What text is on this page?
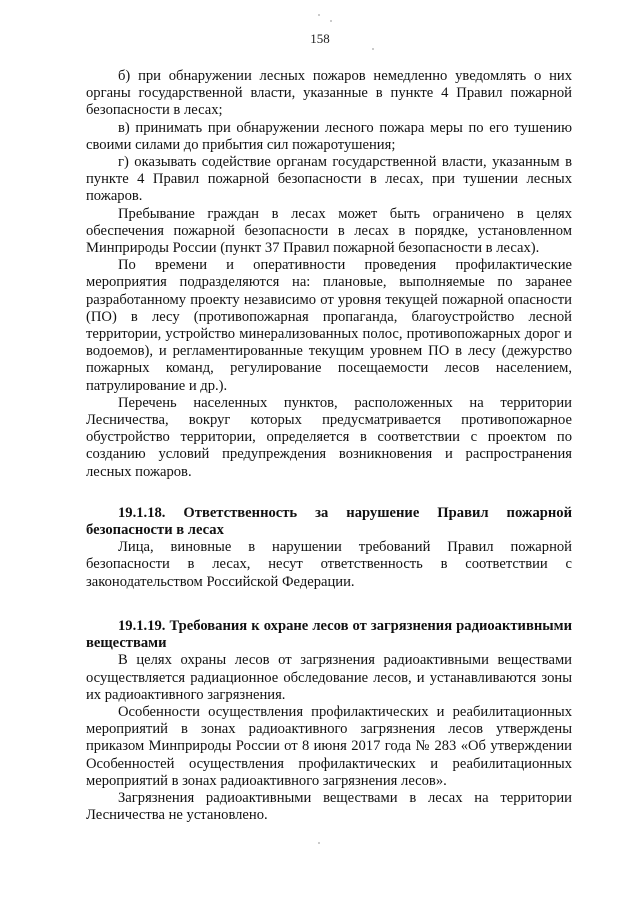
158

б) при обнаружении лесных пожаров немедленно уведомлять о них органы государственной власти, указанные в пункте 4 Правил пожарной безопасности в лесах;

в) принимать при обнаружении лесного пожара меры по его тушению своими силами до прибытия сил пожаротушения;

г) оказывать содействие органам государственной власти, указанным в пункте 4 Правил пожарной безопасности в лесах, при тушении лесных пожаров.

Пребывание граждан в лесах может быть ограничено в целях обеспечения пожарной безопасности в лесах в порядке, установленном Минприроды России (пункт 37 Правил пожарной безопасности в лесах).

По времени и оперативности проведения профилактические мероприятия подразделяются на: плановые, выполняемые по заранее разработанному проекту независимо от уровня текущей пожарной опасности (ПО) в лесу (противопожарная пропаганда, благоустройство лесной территории, устройство минерализованных полос, противопожарных дорог и водоемов), и регламентированные текущим уровнем ПО в лесу (дежурство пожарных команд, регулирование посещаемости лесов населением, патрулирование и др.).

Перечень населенных пунктов, расположенных на территории Лесничества, вокруг которых предусматривается противопожарное обустройство территории, определяется в соответствии с проектом по созданию условий предупреждения возникновения и распространения лесных пожаров.

19.1.18. Ответственность за нарушение Правил пожарной безопасности в лесах

Лица, виновные в нарушении требований Правил пожарной безопасности в лесах, несут ответственность в соответствии с законодательством Российской Федерации.

19.1.19. Требования к охране лесов от загрязнения радиоактивными веществами

В целях охраны лесов от загрязнения радиоактивными веществами осуществляется радиационное обследование лесов, и устанавливаются зоны их радиоактивного загрязнения.

Особенности осуществления профилактических и реабилитационных мероприятий в зонах радиоактивного загрязнения лесов утверждены приказом Минприроды России от 8 июня 2017 года № 283 «Об утверждении Особенностей осуществления профилактических и реабилитационных мероприятий в зонах радиоактивного загрязнения лесов».

Загрязнения радиоактивными веществами в лесах на территории Лесничества не установлено.
